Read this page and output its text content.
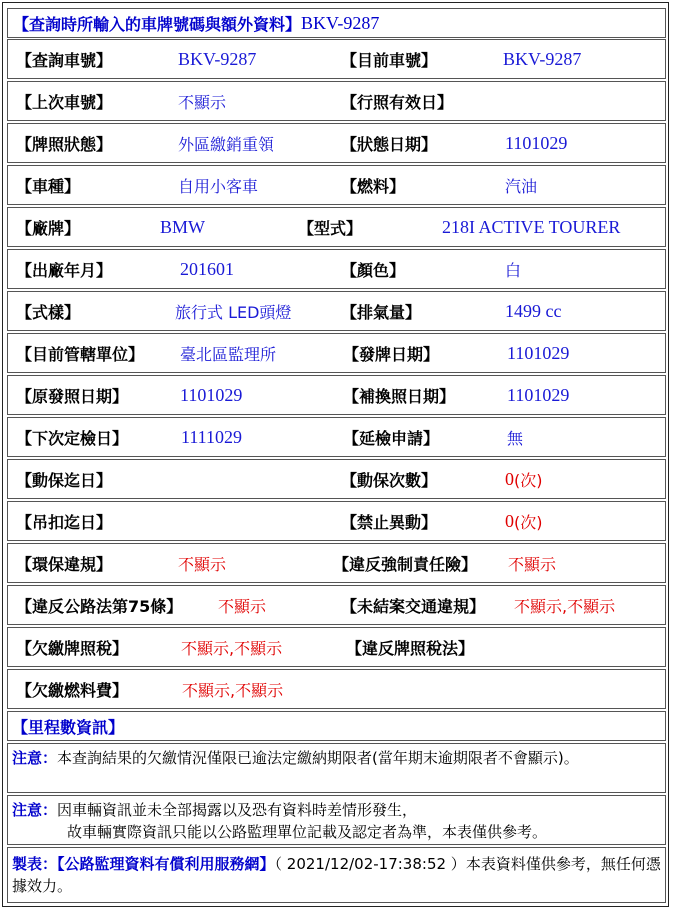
【查詢時所輸入的車牌號碼與額外資料】 BKV-9287
【查詢車號】	BKV-9287	【目前車號】	BKV-9287
【上次車號】	不顯示	【行照有效日】
【牌照狀態】	外區繳銷重領	【狀態日期】	1101029
【車種】	自用小客車	【燃料】	汽油
【廠牌】	BMW	【型式】	218I ACTIVE TOURER
【出廠年月】	201601	【顏色】	白
【式樣】	旅行式 LED頭燈	【排氣量】	1499 cc
【目前管轄單位】 臺北區監理所	【發牌日期】	1101029
【原發照日期】	1101029	【補換照日期】	1101029
【下次定檢日】	1111029	【延檢申請】	無
【動保迄日】	【動保次數】	0 (次)
【吊扣迄日】	【禁止異動】	0 (次)
【環保違規】	不顯示	【違反強制責任險】 不顯示
【違反公路法第75條】 不顯示	【未結案交通違規】 不顯示,不顯示
【欠繳牌照稅】	不顯示,不顯示	【違反牌照稅法】
【欠繳燃料費】	不顯示,不顯示
【里程數資訊】
注意：本查詢結果的欠繳情況僅限已逾法定繳納期限者(當年期末逾期限者不會顯示)。
注意：因車輛資訊並未全部揭露以及恐有資料時差情形發生，
故車輛實際資訊只能以公路監理單位記載及認定者為準，本表僅供參考。
製表：【公路監理資料有償利用服務網】（ 2021/12/02-17:38:52 ）本表資料僅供參考，無任何憑據效力。
